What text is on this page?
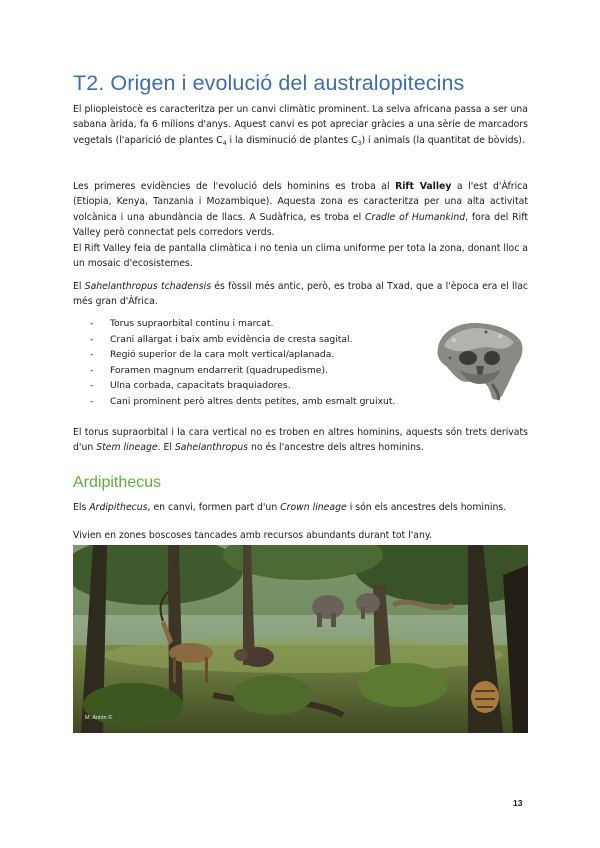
T2. Origen i evolució del australopitecins

El pliopleistocè es caracteritza per un canvi climàtic prominent. La selva africana passa a ser una sabana àrida, fa 6 milions d'anys. Aquest canvi es pot apreciar gràcies a una sèrie de marcadors vegetals (l'aparició de plantes $C_4$ i la disminució de plantes $C_3$) i animals (la quantitat de bòvids).

Les primeres evidències de l'evolució dels hominins es troba al Rift Valley a l'est d'Àfrica (Etiopia, Kenya, Tanzania i Mozambique). Aquesta zona es caracteritza per una alta activitat volcànica i una abundància de llacs. A Sudàfrica, es troba el Cradle of Humankind, fora del Rift Valley però connectat pels corredors verds.
El Rift Valley feia de pantalla climàtica i no tenia un clima uniforme per tota la zona, donant lloc a un mosaic d'ecosistemes.

El Sahelanthropus tchadensis és fòssil més antic, però, es troba al Txad, que a l'època era el llac més gran d'Àfrica.

- Torus supraorbital continu i marcat.
- Crani allargat i baix amb evidència de cresta sagital.
- Regió superior de la cara molt vertical/aplanada.
- Foramen magnum endarrerit (quadrupedisme).
- Ulna corbada, capacitats braquiadores.
- Cani prominent però altres dents petites, amb esmalt gruixut.

El torus supraorbital i la cara vertical no es troben en altres hominins, aquests són trets derivats d'un Stem lineage. El Sahelanthropus no és l'ancestre dels altres hominins.

Ardipithecus

Els Ardipithecus, en canvi, formen part d'un Crown lineage i són els ancestres dels hominins.

Vivien en zones boscoses tancades amb recursos abundants durant tot l'any.

M. Antón ©
13
